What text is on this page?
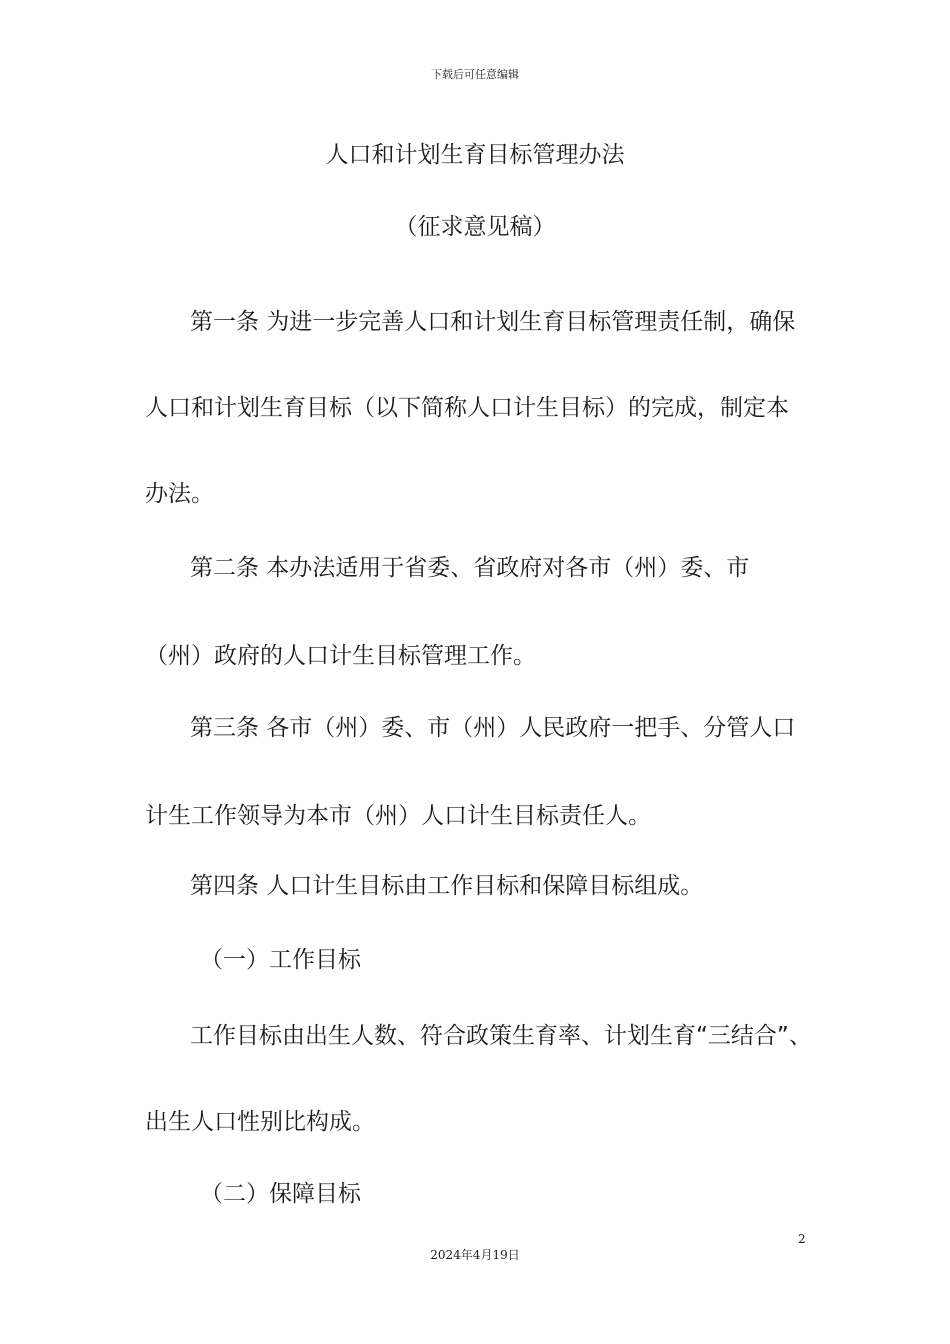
下载后可任意编辑
人口和计划生育目标管理办法
（征求意见稿）
第一条 为进一步完善人口和计划生育目标管理责任制，确保
人口和计划生育目标（以下简称人口计生目标）的完成，制定本
办法。
第二条 本办法适用于省委、省政府对各市（州）委、市
（州）政府的人口计生目标管理工作。
第三条 各市（州）委、市（州）人民政府一把手、分管人口
计生工作领导为本市（州）人口计生目标责任人。
第四条 人口计生目标由工作目标和保障目标组成。
（一）工作目标
工作目标由出生人数、符合政策生育率、计划生育“三结合”、
出生人口性别比构成。
（二）保障目标
2
2024年4月19日
